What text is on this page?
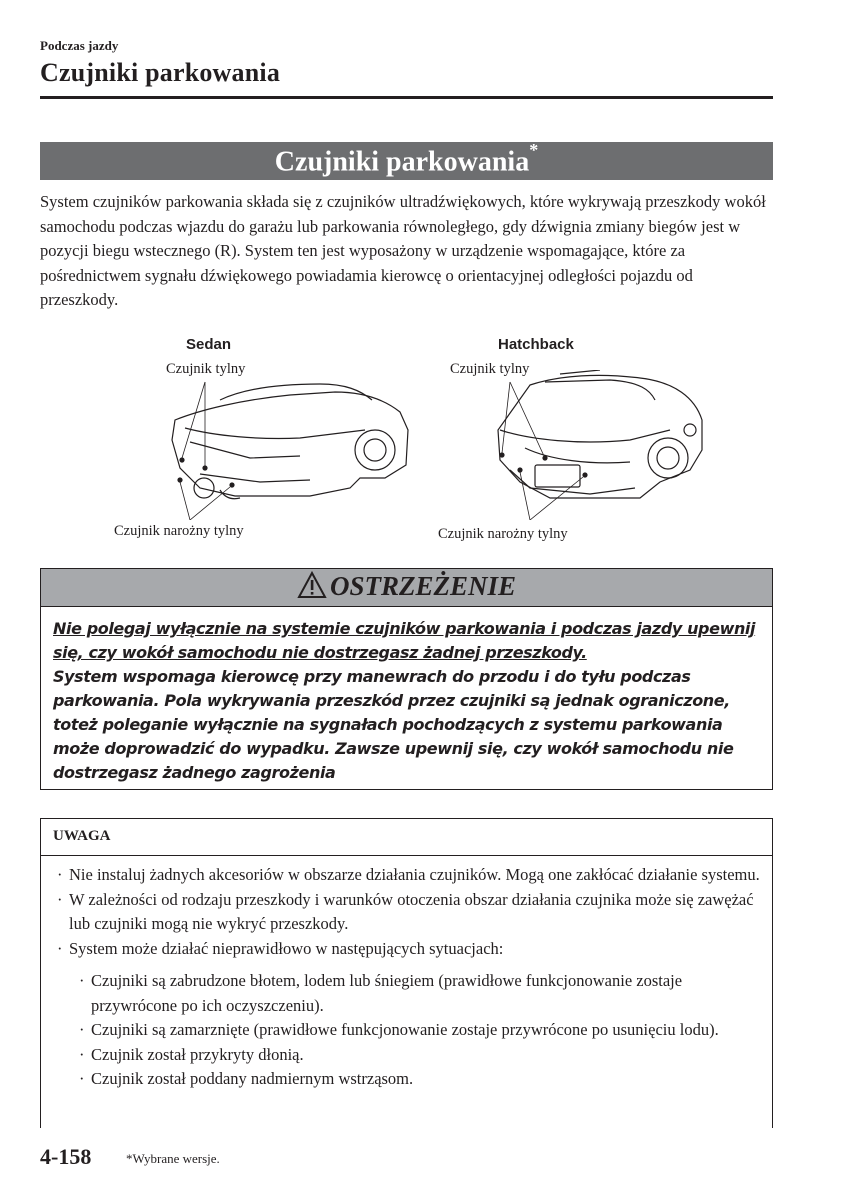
Podczas jazdy
Czujniki parkowania
Czujniki parkowania*
System czujników parkowania składa się z czujników ultradźwiękowych, które wykrywają przeszkody wokół samochodu podczas wjazdu do garażu lub parkowania równoległego, gdy dźwignia zmiany biegów jest w pozycji biegu wstecznego (R). System ten jest wyposażony w urządzenie wspomagające, które za pośrednictwem sygnału dźwiękowego powiadamia kierowcę o orientacyjnej odległości pojazdu od przeszkody.
Sedan
Czujnik tylny
Czujnik narożny tylny
Hatchback
Czujnik tylny
Czujnik narożny tylny
OSTRZEŻENIE

Nie polegaj wyłącznie na systemie czujników parkowania i podczas jazdy upewnij się, czy wokół samochodu nie dostrzegasz żadnej przeszkody.

System wspomaga kierowcę przy manewrach do przodu i do tyłu podczas parkowania. Pola wykrywania przeszkód przez czujniki są jednak ograniczone, toteż poleganie wyłącznie na sygnałach pochodzących z systemu parkowania może doprowadzić do wypadku. Zawsze upewnij się, czy wokół samochodu nie dostrzegasz żadnego zagrożenia

UWAGA

· Nie instaluj żadnych akcesoriów w obszarze działania czujników. Mogą one zakłócać działanie systemu.

· W zależności od rodzaju przeszkody i warunków otoczenia obszar działania czujnika może się zawężać lub czujniki mogą nie wykryć przeszkody.

· System może działać nieprawidłowo w następujących sytuacjach:

· Czujniki są zabrudzone błotem, lodem lub śniegiem (prawidłowe funkcjonowanie zostaje przywrócone po ich oczyszczeniu).

· Czujniki są zamarznięte (prawidłowe funkcjonowanie zostaje przywrócone po usunięciu lodu).

· Czujnik został przykryty dłonią.

· Czujnik został poddany nadmiernym wstrząsom.

4-158	*Wybrane wersje.
